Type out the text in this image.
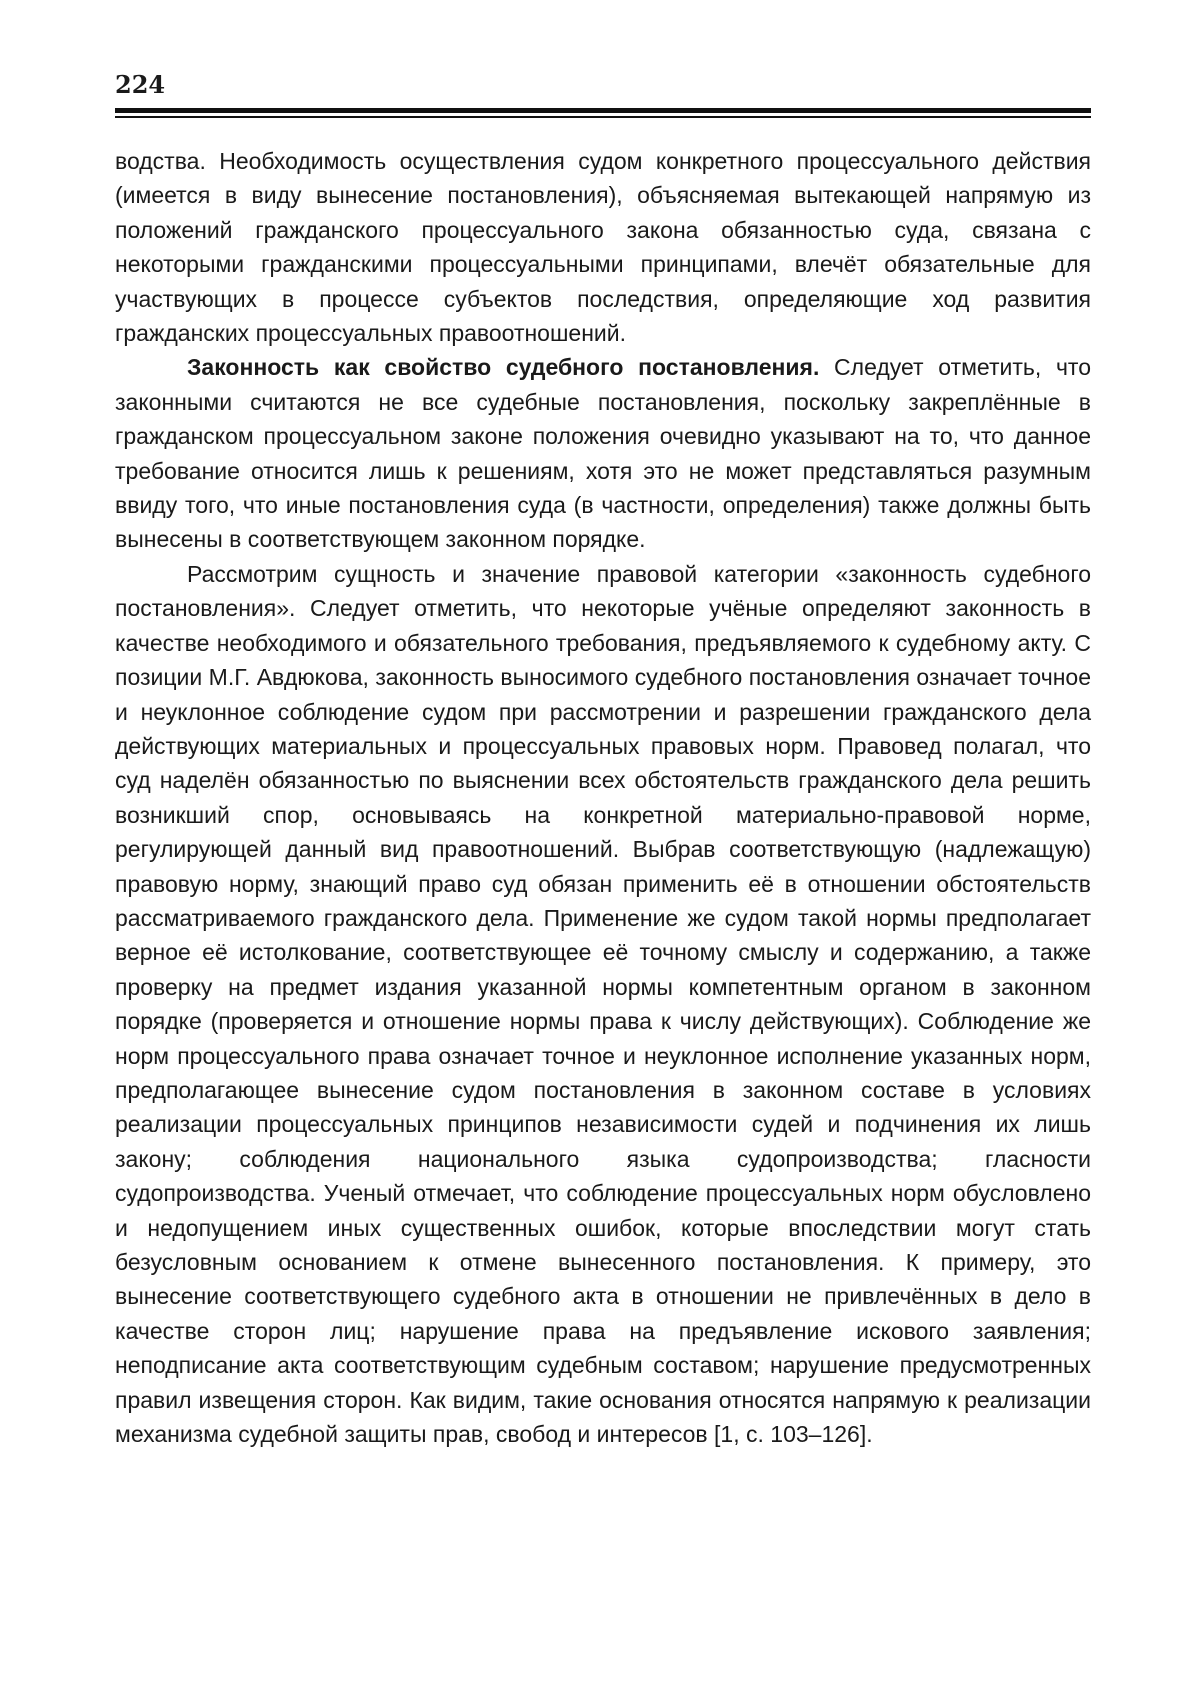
224

водства. Необходимость осуществления судом конкретного процессуального действия (имеется в виду вынесение постановления), объясняемая вытекающей напрямую из положений гражданского процессуального закона обязанностью суда, связана с некоторыми гражданскими процессуальными принципами, влечёт обязательные для участвующих в процессе субъектов последствия, определяющие ход развития гражданских процессуальных правоотношений.

Законность как свойство судебного постановления. Следует отметить, что законными считаются не все судебные постановления, поскольку закреплённые в гражданском процессуальном законе положения очевидно указывают на то, что данное требование относится лишь к решениям, хотя это не может представляться разумным ввиду того, что иные постановления суда (в частности, определения) также должны быть вынесены в соответствующем законном порядке.

Рассмотрим сущность и значение правовой категории «законность судебного постановления». Следует отметить, что некоторые учёные определяют законность в качестве необходимого и обязательного требования, предъявляемого к судебному акту. С позиции М.Г. Авдюкова, законность выносимого судебного постановления означает точное и неуклонное соблюдение судом при рассмотрении и разрешении гражданского дела действующих материальных и процессуальных правовых норм. Правовед полагал, что суд наделён обязанностью по выяснении всех обстоятельств гражданского дела решить возникший спор, основываясь на конкретной материально-правовой норме, регулирующей данный вид правоотношений. Выбрав соответствующую (надлежащую) правовую норму, знающий право суд обязан применить её в отношении обстоятельств рассматриваемого гражданского дела. Применение же судом такой нормы предполагает верное её истолкование, соответствующее её точному смыслу и содержанию, а также проверку на предмет издания указанной нормы компетентным органом в законном порядке (проверяется и отношение нормы права к числу действующих). Соблюдение же норм процессуального права означает точное и неуклонное исполнение указанных норм, предполагающее вынесение судом постановления в законном составе в условиях реализации процессуальных принципов независимости судей и подчинения их лишь закону; соблюдения национального языка судопроизводства; гласности судопроизводства. Ученый отмечает, что соблюдение процессуальных норм обусловлено и недопущением иных существенных ошибок, которые впоследствии могут стать безусловным основанием к отмене вынесенного постановления. К примеру, это вынесение соответствующего судебного акта в отношении не привлечённых в дело в качестве сторон лиц; нарушение права на предъявление искового заявления; неподписание акта соответствующим судебным составом; нарушение предусмотренных правил извещения сторон. Как видим, такие основания относятся напрямую к реализации механизма судебной защиты прав, свобод и интересов [1, с. 103–126].
